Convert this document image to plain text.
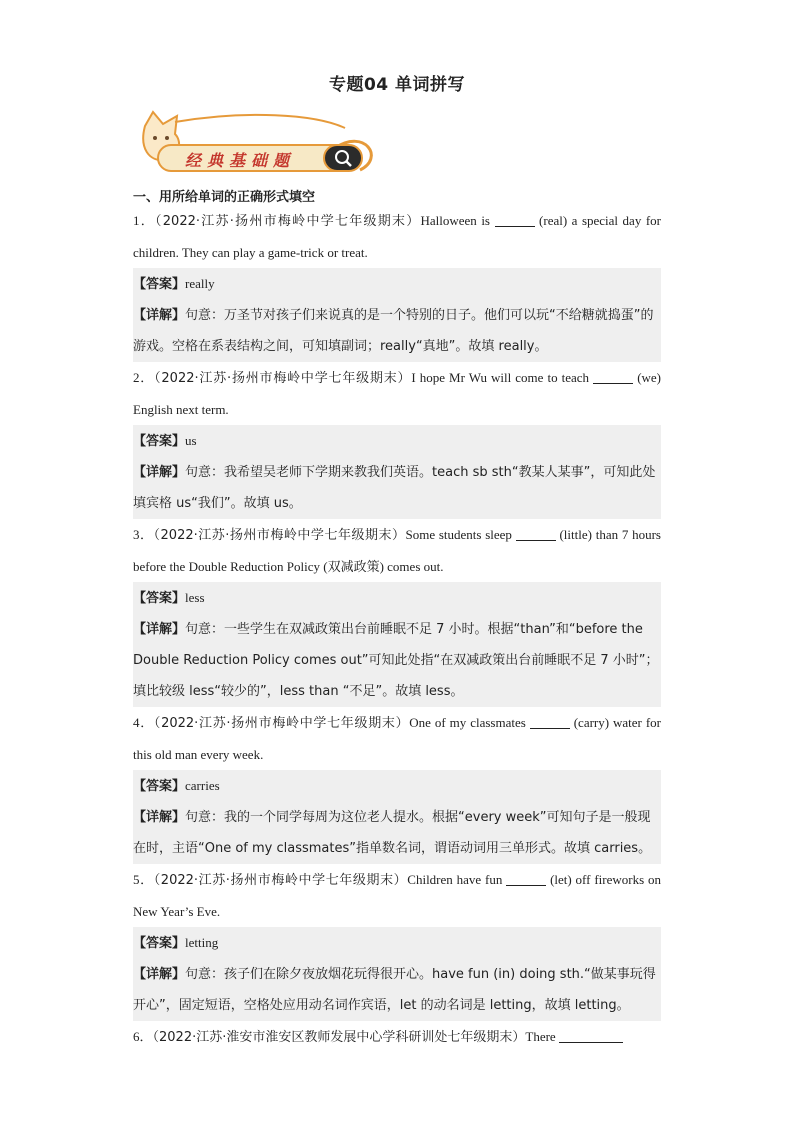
专题04 单词拼写
经典基础题
一、用所给单词的正确形式填空

1．（2022·江苏·扬州市梅岭中学七年级期末）Halloween is	(real) a special day for children. They can play a game-trick or treat.

【答案】really

【详解】句意：万圣节对孩子们来说真的是一个特别的日子。他们可以玩“不给糖就捣蛋”的游戏。空格在系表结构之间，可知填副词；really“真地”。故填 really。

2．（2022·江苏·扬州市梅岭中学七年级期末）I hope Mr Wu will come to teach	(we) English next term.

【答案】us

【详解】句意：我希望吴老师下学期来教我们英语。teach sb sth“教某人某事”，可知此处填宾格 us“我们”。故填 us。

3．（2022·江苏·扬州市梅岭中学七年级期末）Some students sleep	(little) than 7 hours before the Double Reduction Policy (双减政策) comes out.

【答案】less

【详解】句意：一些学生在双减政策出台前睡眠不足 7 小时。根据“than”和“before the Double Reduction Policy comes out”可知此处指“在双减政策出台前睡眠不足 7 小时”；填比较级 less“较少的”，less than “不足”。故填 less。

4．（2022·江苏·扬州市梅岭中学七年级期末）One of my classmates	(carry) water for this old man every week.

【答案】carries

【详解】句意：我的一个同学每周为这位老人提水。根据“every week”可知句子是一般现在时，主语“One of my classmates”指单数名词，谓语动词用三单形式。故填 carries。

5．（2022·江苏·扬州市梅岭中学七年级期末）Children have fun	(let) off fireworks on New Year’s Eve.

【答案】letting

【详解】句意：孩子们在除夕夜放烟花玩得很开心。have fun (in) doing sth.“做某事玩得开心”，固定短语，空格处应用动名词作宾语，let 的动名词是 letting，故填 letting。

6．（2022·江苏·淮安市淮安区教师发展中心学科研训处七年级期末）There
